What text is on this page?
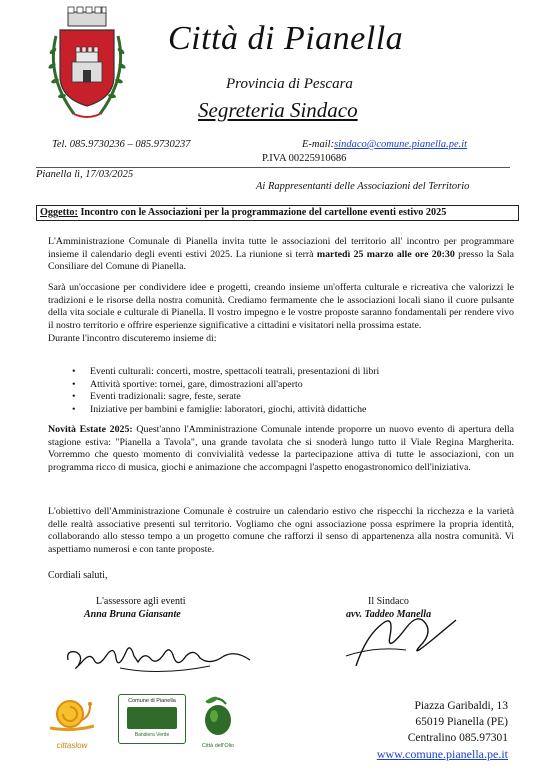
Città di Pianella
Provincia di Pescara
Segreteria Sindaco
Tel. 085.9730236 – 085.9730237	E-mail:sindaco@comune.pianella.pe.it
P.IVA 00225910686
Pianella lì, 17/03/2025
Ai Rappresentanti delle Associazioni del Territorio
Oggetto: Incontro con le Associazioni per la programmazione del cartellone eventi estivo 2025

L'Amministrazione Comunale di Pianella invita tutte le associazioni del territorio all' incontro per programmare insieme il calendario degli eventi estivi 2025. La riunione si terrà martedì 25 marzo alle ore 20:30 presso la Sala Consiliare del Comune di Pianella.

Sarà un'occasione per condividere idee e progetti, creando insieme un'offerta culturale e ricreativa che valorizzi le tradizioni e le risorse della nostra comunità. Crediamo fermamente che le associazioni locali siano il cuore pulsante della vita sociale e culturale di Pianella. Il vostro impegno e le vostre proposte saranno fondamentali per rendere vivo il nostro territorio e offrire esperienze significative a cittadini e visitatori nella prossima estate.

Durante l'incontro discuteremo insieme di:

• Eventi culturali: concerti, mostre, spettacoli teatrali, presentazioni di libri
• Attività sportive: tornei, gare, dimostrazioni all'aperto
• Eventi tradizionali: sagre, feste, serate
• Iniziative per bambini e famiglie: laboratori, giochi, attività didattiche

Novità Estate 2025: Quest'anno l'Amministrazione Comunale intende proporre un nuovo evento di apertura della stagione estiva: "Pianella a Tavola", una grande tavolata che si snoderà lungo tutto il Viale Regina Margherita. Vorremmo che questo momento di convivialità vedesse la partecipazione attiva di tutte le associazioni, con un programma ricco di musica, giochi e animazione che accompagni l'aspetto enogastronomico dell'iniziativa.

L'obiettivo dell'Amministrazione Comunale è costruire un calendario estivo che rispecchi la ricchezza e la varietà delle realtà associative presenti sul territorio. Vogliamo che ogni associazione possa esprimere la propria identità, collaborando allo stesso tempo a un progetto comune che rafforzi il senso di appartenenza alla nostra comunità. Vi aspettiamo numerosi e con tante proposte.

Cordiali saluti,
L'assessore agli eventi
Anna Bruna Giansante
Il Sindaco
avv. Taddeo Manella
cittaslow
Comune di Pianella
Bandiera Verde
Città dell'Olio
Piazza Garibaldi, 13
65019 Pianella (PE)
Centralino 085.97301
www.comune.pianella.pe.it
